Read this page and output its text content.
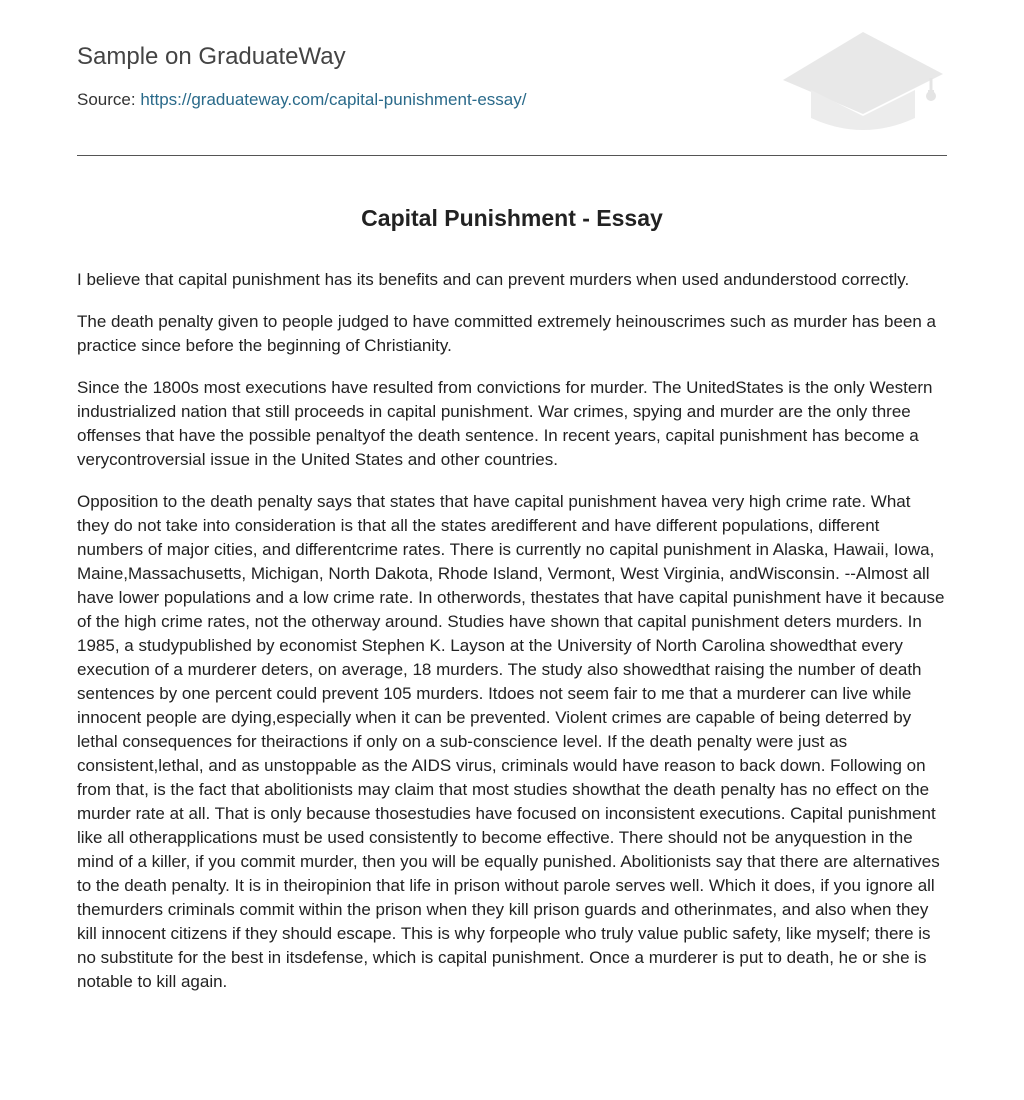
Sample on GraduateWay
Source: https://graduateway.com/capital-punishment-essay/
Capital Punishment - Essay

I believe that capital punishment has its benefits and can prevent murders when used andunderstood correctly.

The death penalty given to people judged to have committed extremely heinouscrimes such as murder has been a practice since before the beginning of Christianity.

Since the 1800s most executions have resulted from convictions for murder. The UnitedStates is the only Western industrialized nation that still proceeds in capital punishment. War crimes, spying and murder are the only three offenses that have the possible penaltyof the death sentence. In recent years, capital punishment has become a verycontroversial issue in the United States and other countries.

Opposition to the death penalty says that states that have capital punishment havea very high crime rate. What they do not take into consideration is that all the states aredifferent and have different populations, different numbers of major cities, and differentcrime rates. There is currently no capital punishment in Alaska, Hawaii, Iowa, Maine,Massachusetts, Michigan, North Dakota, Rhode Island, Vermont, West Virginia, andWisconsin. --Almost all have lower populations and a low crime rate. In otherwords, thestates that have capital punishment have it because of the high crime rates, not the otherway around. Studies have shown that capital punishment deters murders. In 1985, a studypublished by economist Stephen K. Layson at the University of North Carolina showedthat every execution of a murderer deters, on average, 18 murders. The study also showedthat raising the number of death sentences by one percent could prevent 105 murders. Itdoes not seem fair to me that a murderer can live while innocent people are dying,especially when it can be prevented. Violent crimes are capable of being deterred by lethal consequences for theiractions if only on a sub-conscience level. If the death penalty were just as consistent,lethal, and as unstoppable as the AIDS virus, criminals would have reason to back down. Following on from that, is the fact that abolitionists may claim that most studies showthat the death penalty has no effect on the murder rate at all. That is only because thosestudies have focused on inconsistent executions. Capital punishment like all otherapplications must be used consistently to become effective. There should not be anyquestion in the mind of a killer, if you commit murder, then you will be equally punished. Abolitionists say that there are alternatives to the death penalty. It is in theiropinion that life in prison without parole serves well. Which it does, if you ignore all themurders criminals commit within the prison when they kill prison guards and otherinmates, and also when they kill innocent citizens if they should escape. This is why forpeople who truly value public safety, like myself; there is no substitute for the best in itsdefense, which is capital punishment. Once a murderer is put to death, he or she is notable to kill again.
